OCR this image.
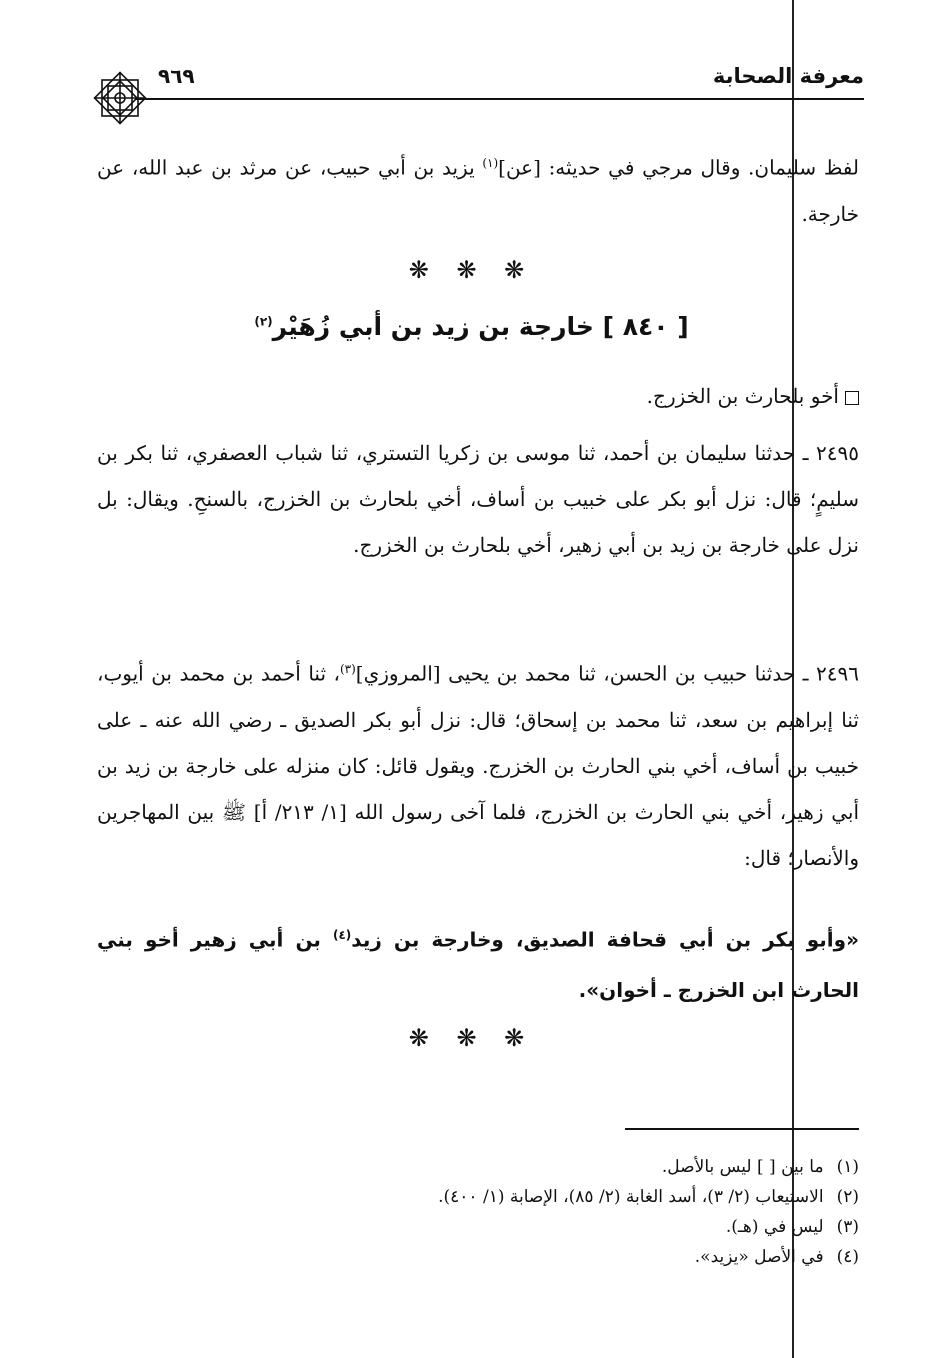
معرفة الصحابة
٩٦٩
لفظ سليمان. وقال مرجي في حديثه: [عن]$^{(١)}$ يزيد بن أبي حبيب، عن مرثد بن عبد الله، عن خارجة.
❋ ❋ ❋
[ ٨٤٠ ] خارجة بن زيد بن أبي زُهَيْر$^{(٢)}$
أخو بلحارث بن الخزرج.
٢٤٩٥ ـ حدثنا سليمان بن أحمد، ثنا موسى بن زكريا التستري، ثنا شباب العصفري، ثنا بكر بن سليمٍ؛ قال: نزل أبو بكر على خبيب بن أساف، أخي بلحارث بن الخزرج، بالسنحِ. ويقال: بل نزل على خارجة بن زيد بن أبي زهير، أخي بلحارث بن الخزرج.
٢٤٩٦ ـ حدثنا حبيب بن الحسن، ثنا محمد بن يحيى [المروزي]$^{(٣)}$، ثنا أحمد بن محمد بن أيوب، ثنا إبراهيم بن سعد، ثنا محمد بن إسحاق؛ قال: نزل أبو بكر الصديق ـ رضي الله عنه ـ على خبيب بن أساف، أخي بني الحارث بن الخزرج. ويقول قائل: كان منزله على خارجة بن زيد بن أبي زهير، أخي بني الحارث بن الخزرج، فلما آخى رسول الله [١/ ٢١٣/ أ] ﷺ بين المهاجرين والأنصار؛ قال:
«وأبو بكر بن أبي قحافة الصديق، وخارجة بن زيد$^{(٤)}$ بن أبي زهير أخو بني الحارث ابن الخزرج ـ أخوان».
❋ ❋ ❋
(١) ما بين [ ] ليس بالأصل.
(٢) الاستيعاب (٢/ ٣)، أسد الغابة (٢/ ٨٥)، الإصابة (١/ ٤٠٠).
(٣) ليس في (هـ).
(٤) في الأصل «يزيد».
